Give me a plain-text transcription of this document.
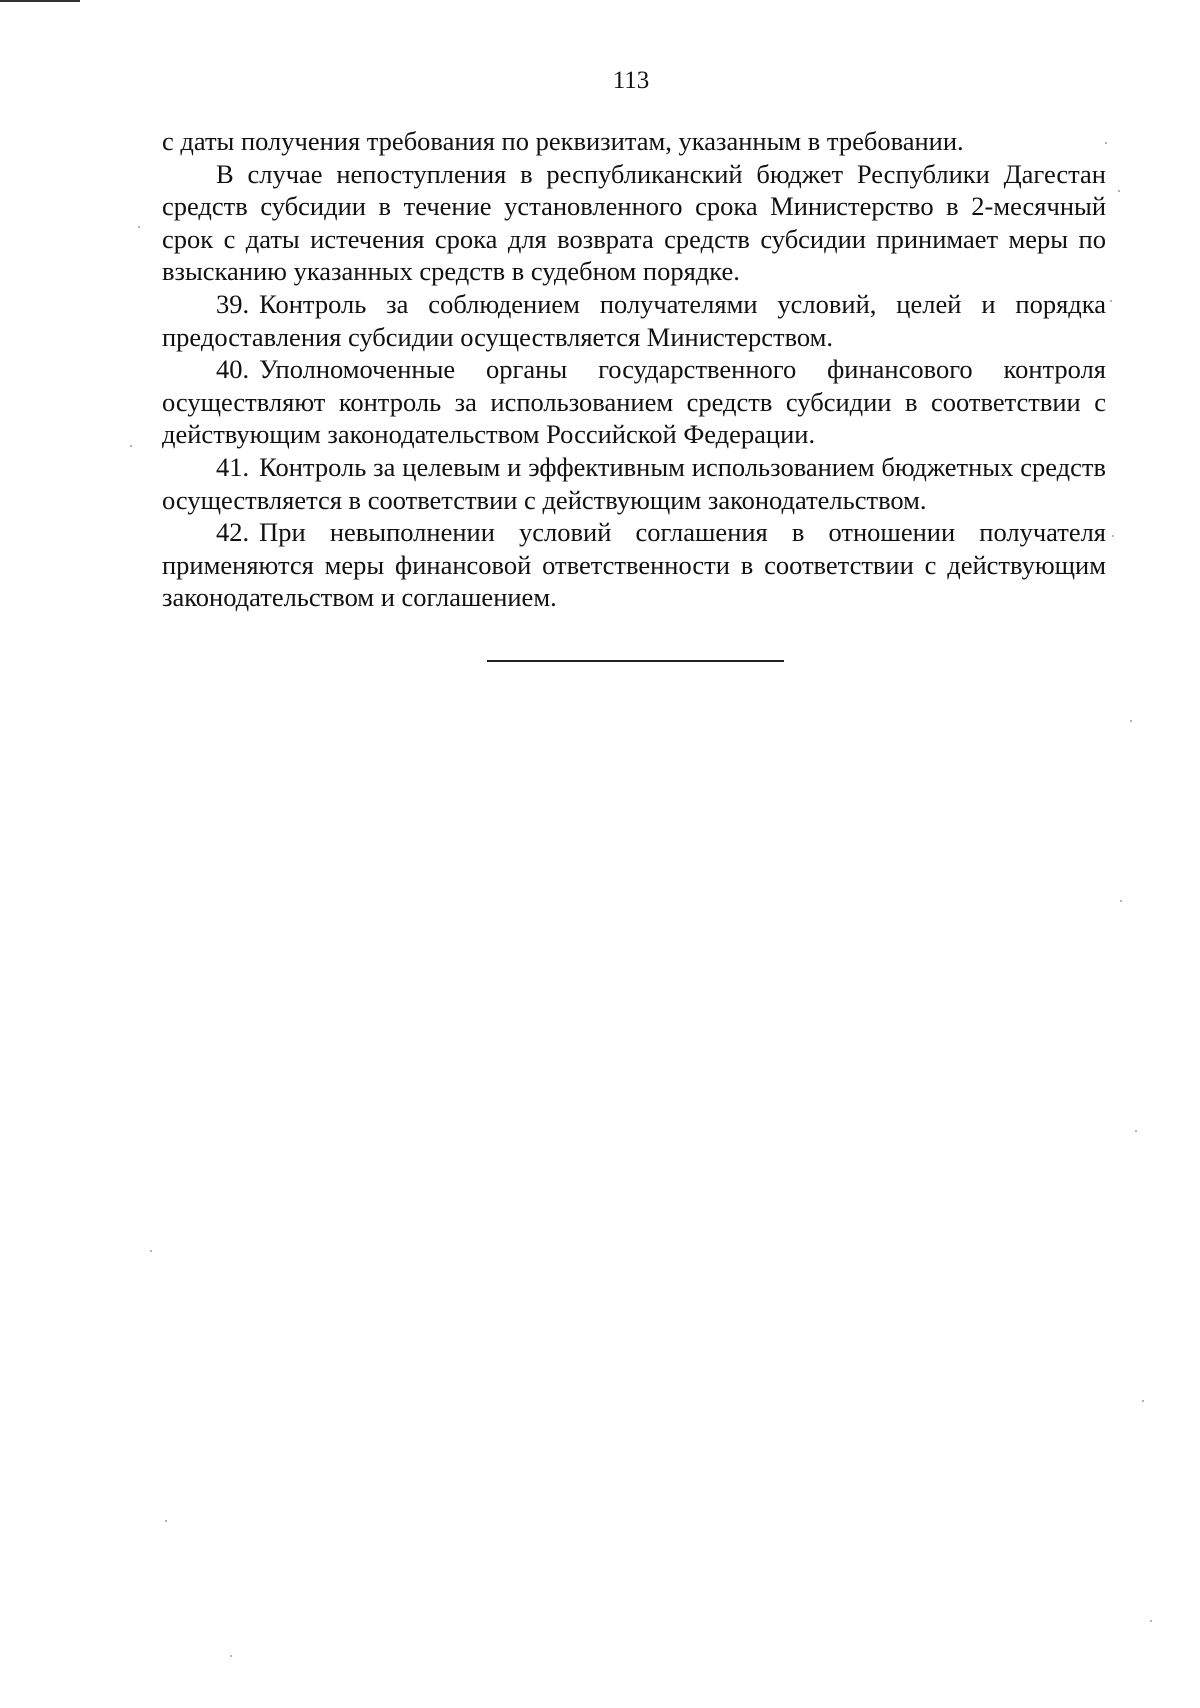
113

с даты получения требования по реквизитам, указанным в требовании.

В случае непоступления в республиканский бюджет Республики Дагестан средств субсидии в течение установленного срока Министерство в 2-месячный срок с даты истечения срока для возврата средств субсидии принимает меры по взысканию указанных средств в судебном порядке.

39. Контроль за соблюдением получателями условий, целей и порядка предоставления субсидии осуществляется Министерством.

40. Уполномоченные органы государственного финансового контроля осуществляют контроль за использованием средств субсидии в соответствии с действующим законодательством Российской Федерации.

41. Контроль за целевым и эффективным использованием бюджетных средств осуществляется в соответствии с действующим законодательством.

42. При невыполнении условий соглашения в отношении получателя применяются меры финансовой ответственности в соответствии с действующим законодательством и соглашением.
